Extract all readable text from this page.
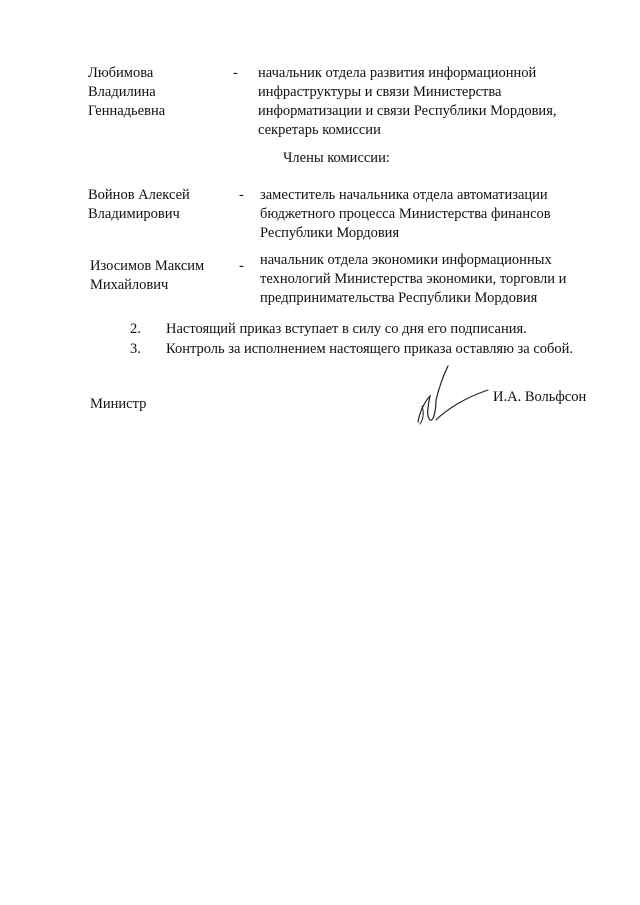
Любимова
Владилина
Геннадьевна
- начальник отдела развития информационной
инфраструктуры и связи Министерства
информатизации и связи Республики Мордовия,
секретарь комиссии
Члены комиссии:
Войнов Алексей
Владимирович
- заместитель начальника отдела автоматизации
бюджетного процесса Министерства финансов
Республики Мордовия
Изосимов Максим
Михайлович
- начальник отдела экономики информационных
технологий Министерства экономики, торговли и
предпринимательства Республики Мордовия
2. Настоящий приказ вступает в силу со дня его подписания.
3. Контроль за исполнением настоящего приказа оставляю за собой.
Министр	И.А. Вольфсон
